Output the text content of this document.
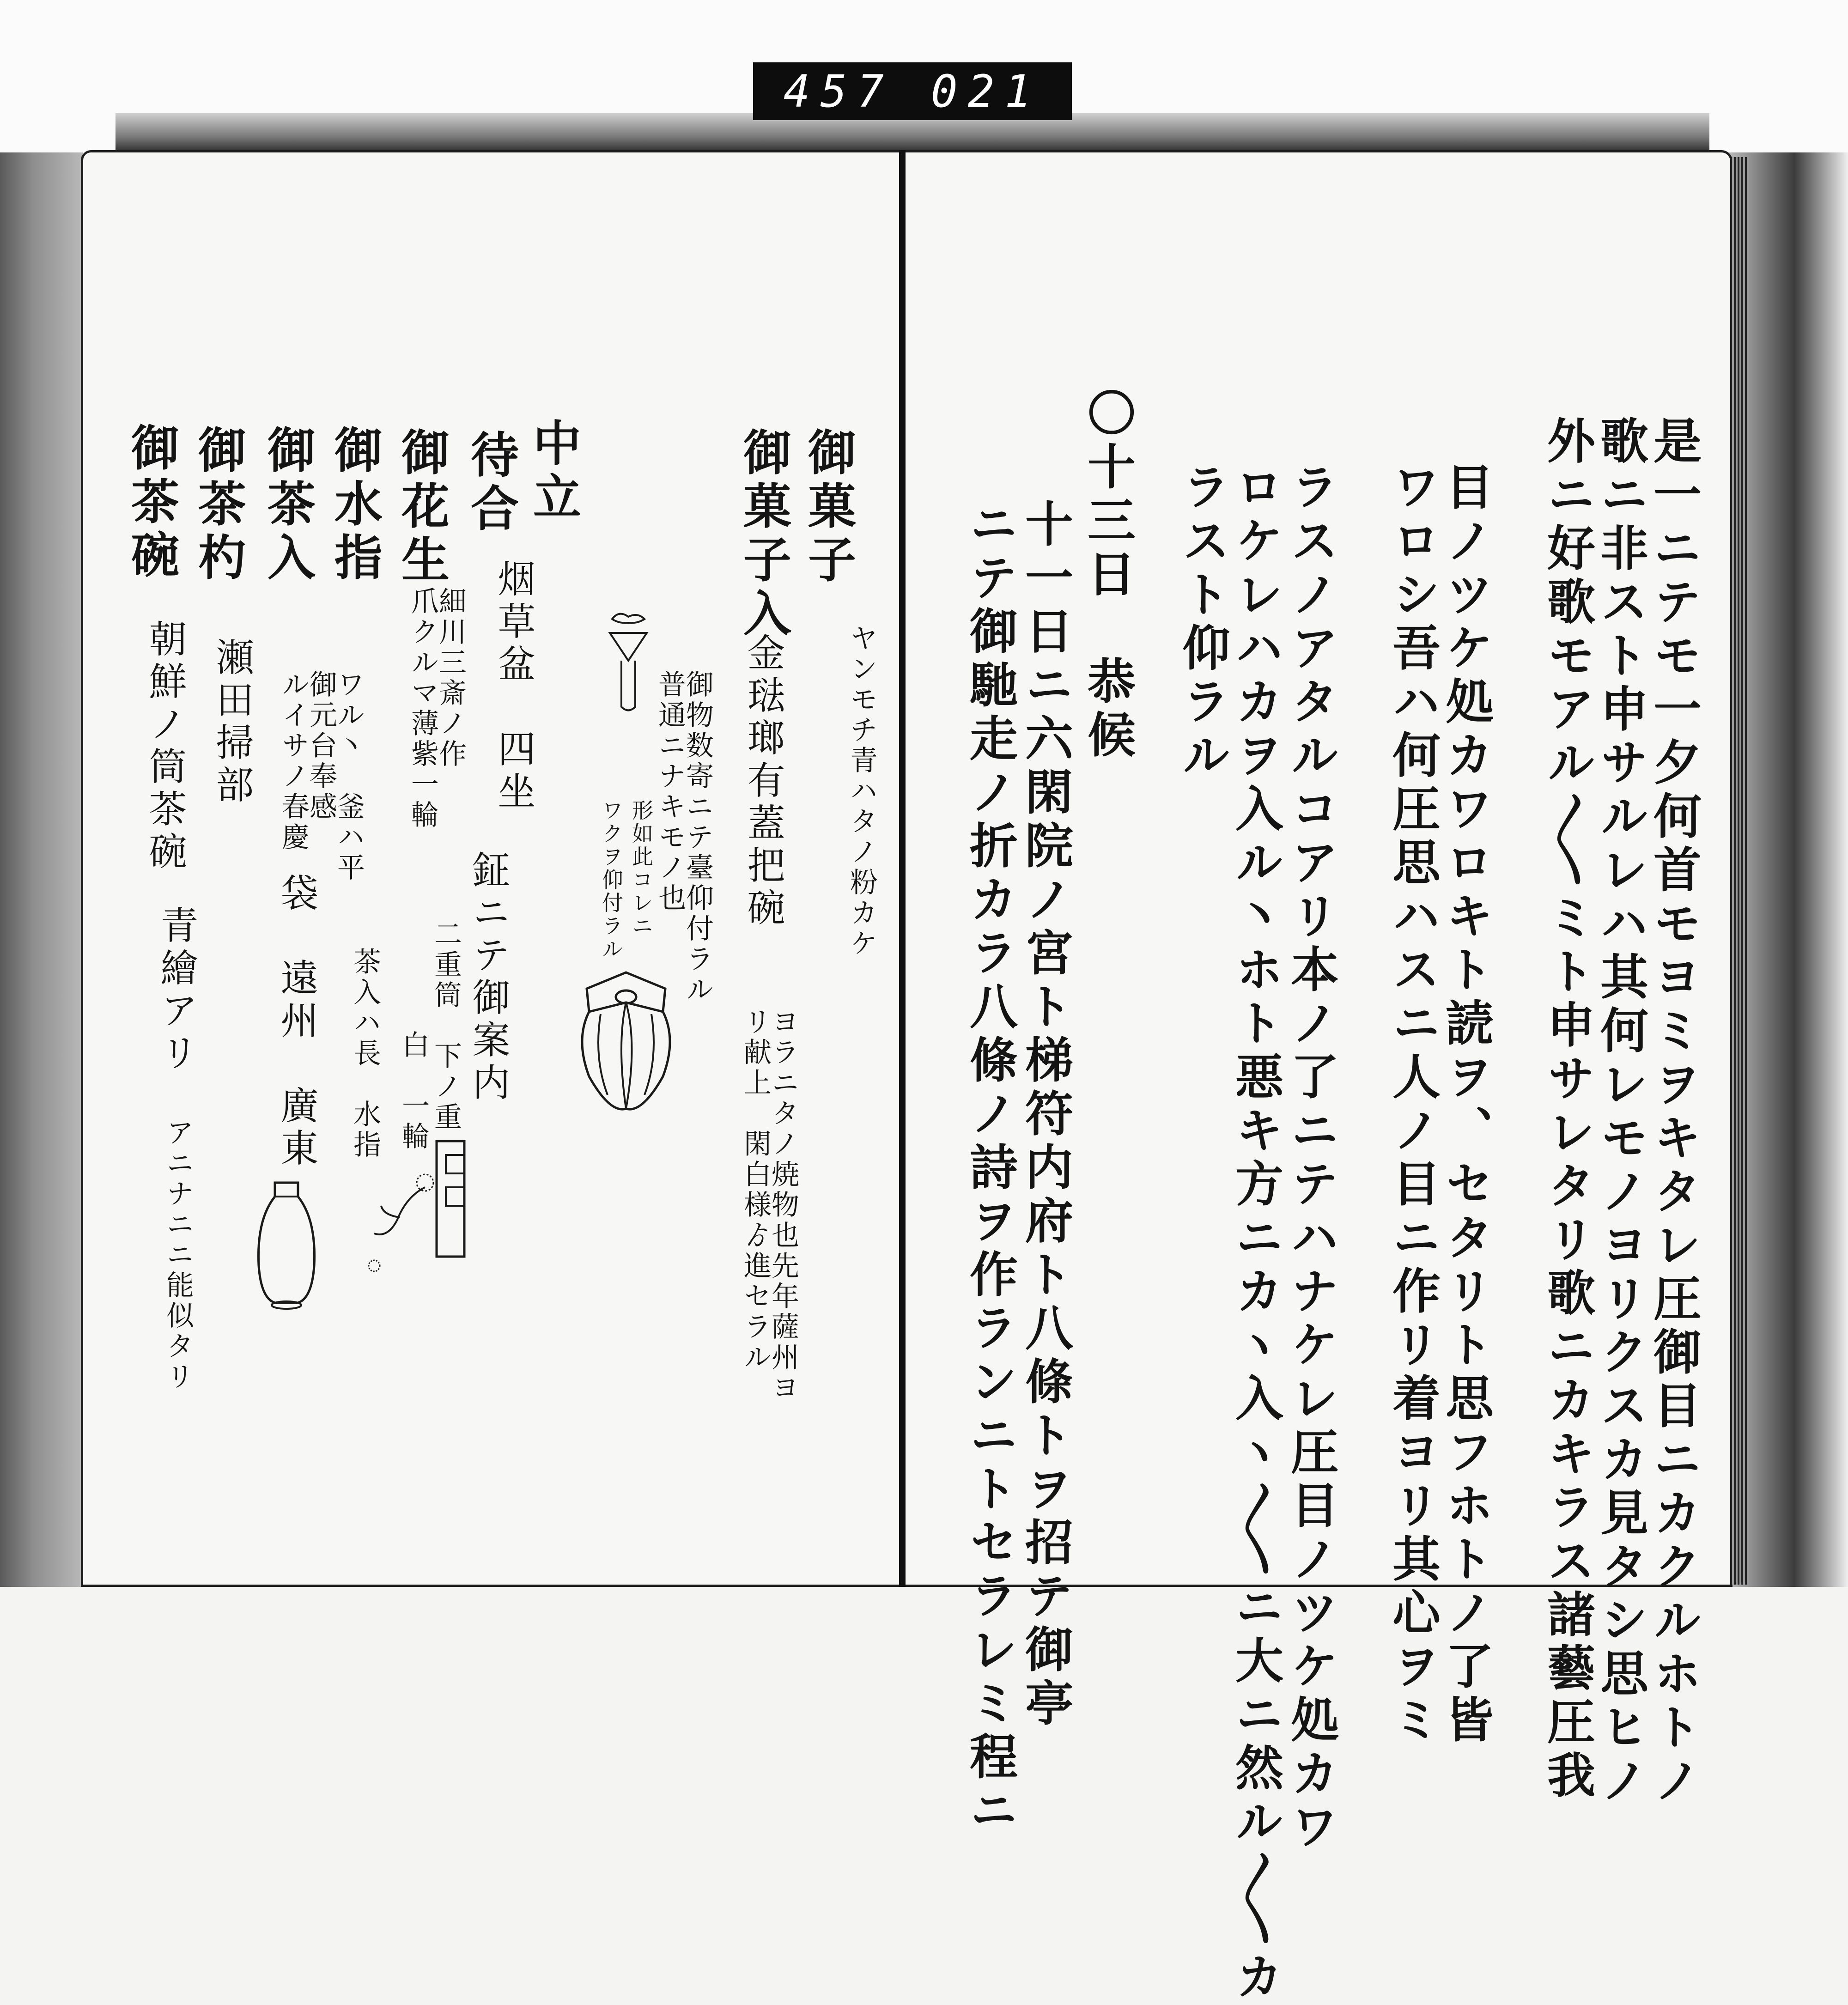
457 021
是一ニテモ一夕何首モヨミヲキタレ圧御目ニカクルホトノ
歌ニ非スト申サルレハ其何レモノヨリクスカ見タシ思ヒノ
外ニ好歌モアル〳〵ミト申サレタリ歌ニカキラス諸藝圧我
目ノツケ処カワロキト読ヲ、セタリト思フホトノ了皆
ワロシ吾ハ何圧思ハスニ人ノ目ニ作リ着ヨリ其心ヲミ
ラスノアタルコアリ本ノ了ニテハナケレ圧目ノツケ処カワ
ロケレハカヲ入ル丶ホト悪キ方ニカヽ入ヽ〳〵ニ大ニ然ル〳〵カ
ラスト仰ラル
〇十三日　恭候
十一日ニ六閑院ノ宮ト梯符内府ト八條トヲ招テ御亭
ニテ御馳走ノ折カラ八條ノ詩ヲ作ランニトセラレミ程ニ
御菓子
ヤンモチ青ハタノ粉カケ
御菓子入
金琺瑯有蓋把碗
御物数寄ニテ臺仰付ラル
普通ニナキモノ也
ヨラニタノ焼物也先年薩州ヨ
リ献上　閑白様ゟ進セラル
形如此コレニ
ワクヲ仰付ラル
中立
待合
烟草盆　四坐
細川三斎ノ作
爪クルマ薄紫一輪
鉦ニテ御案内
二重筒　下ノ重
白　一輪
御花生
御水指
ワル丶　釜ハ平
御元台奉感
ルイサノ春慶
茶入ハ長　水指
御茶入
袋　遠州　廣東
御茶杓
瀬田掃部
御茶碗
朝鮮ノ筒茶碗
青繪アリ
アニナニニ能似タリ
